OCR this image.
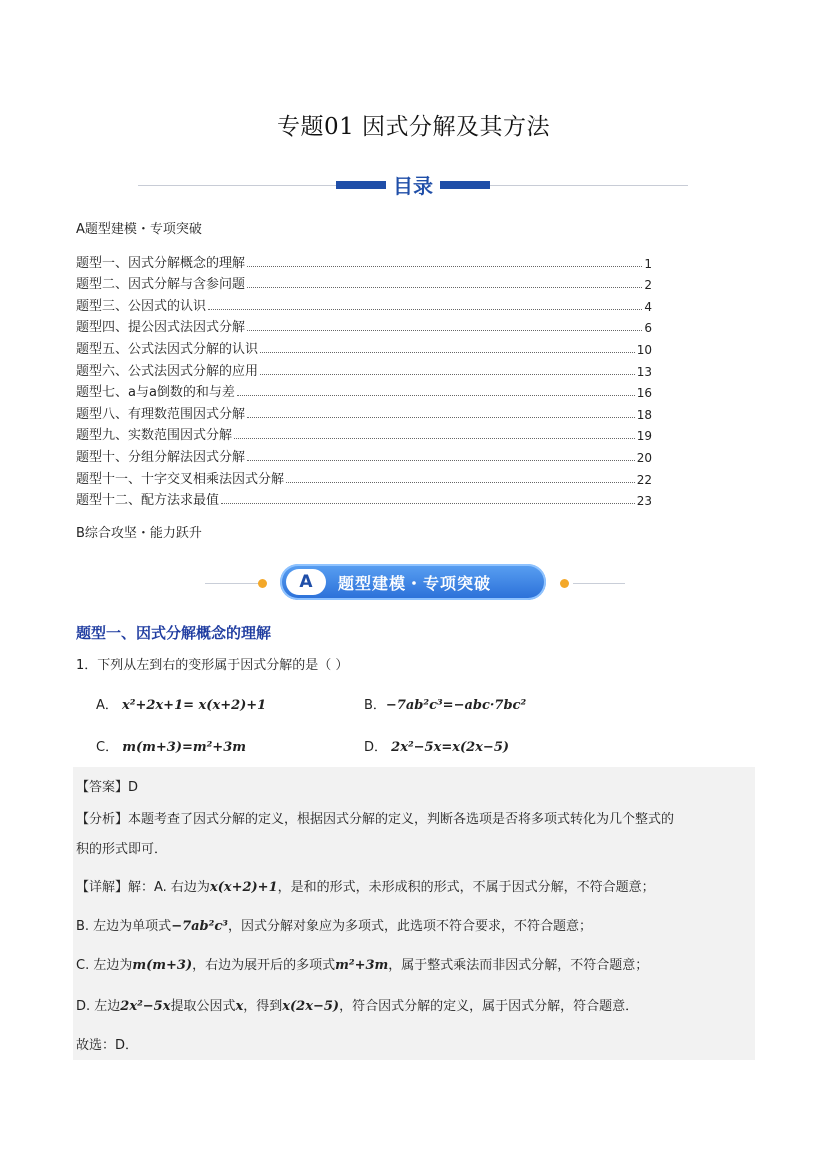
专题01 因式分解及其方法
目录
A题型建模・专项突破
题型一、因式分解概念的理解	1
题型二、因式分解与含参问题	2
题型三、公因式的认识	4
题型四、提公因式法因式分解	6
题型五、公式法因式分解的认识	10
题型六、公式法因式分解的应用	13
题型七、a与a倒数的和与差	16
题型八、有理数范围因式分解	18
题型九、实数范围因式分解	19
题型十、分组分解法因式分解	20
题型十一、十字交叉相乘法因式分解	22
题型十二、配方法求最值	23
B综合攻坚・能力跃升
A	题型建模・专项突破
题型一、因式分解概念的理解
1．下列从左到右的变形属于因式分解的是（ ）
A． x²+2x+1= x(x+2)+1	B．−7ab²c³=−abc·7bc²
C． m(m+3)=m²+3m	D． 2x²−5x=x(2x−5)
【答案】D
【分析】本题考查了因式分解的定义，根据因式分解的定义，判断各选项是否将多项式转化为几个整式的
积的形式即可．
【详解】解：A. 右边为x(x+2)+1，是和的形式，未形成积的形式，不属于因式分解，不符合题意；
B. 左边为单项式−7ab²c³，因式分解对象应为多项式，此选项不符合要求，不符合题意；
C. 左边为m(m+3)，右边为展开后的多项式m²+3m，属于整式乘法而非因式分解，不符合题意；
D. 左边2x²−5x提取公因式x，得到x(2x−5)，符合因式分解的定义，属于因式分解，符合题意．
故选：D．
